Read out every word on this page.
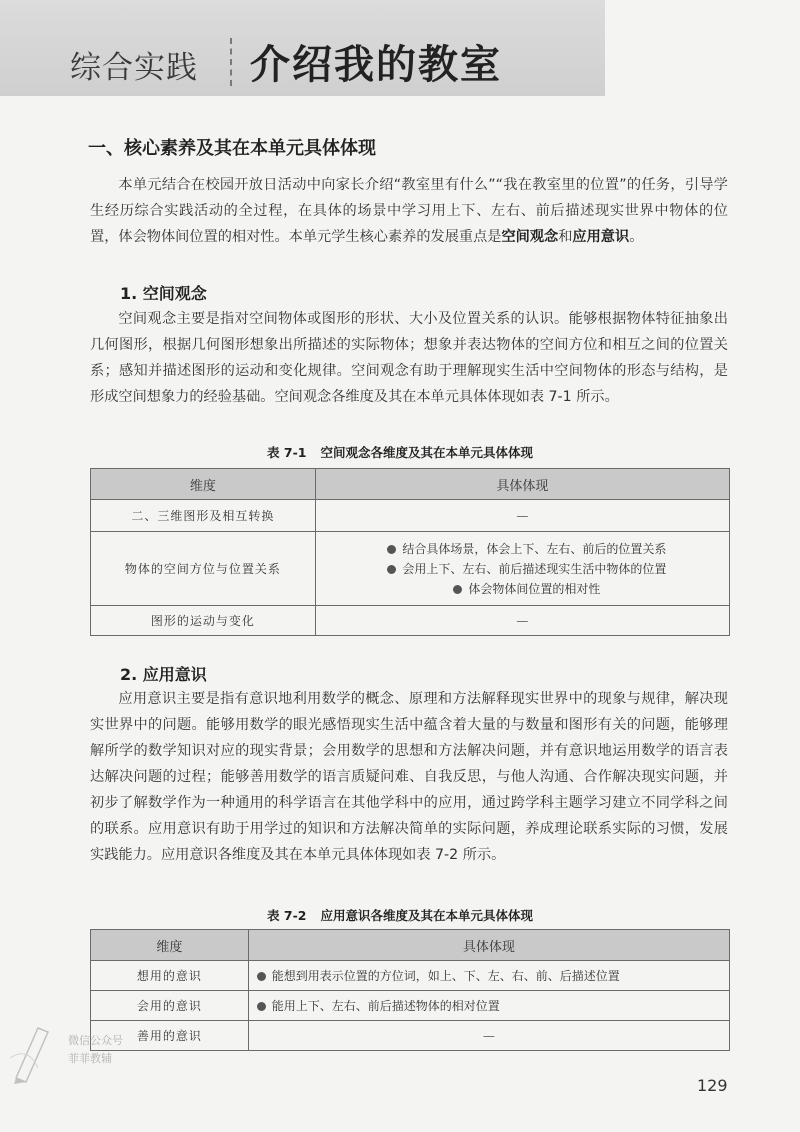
综合实践 介绍我的教室
一、核心素养及其在本单元具体体现
本单元结合在校园开放日活动中向家长介绍“教室里有什么”“我在教室里的位置”的任务，引导学生经历综合实践活动的全过程，在具体的场景中学习用上下、左右、前后描述现实世界中物体的位置，体会物体间位置的相对性。本单元学生核心素养的发展重点是空间观念和应用意识。
1. 空间观念
空间观念主要是指对空间物体或图形的形状、大小及位置关系的认识。能够根据物体特征抽象出几何图形，根据几何图形想象出所描述的实际物体；想象并表达物体的空间方位和相互之间的位置关系；感知并描述图形的运动和变化规律。空间观念有助于理解现实生活中空间物体的形态与结构，是形成空间想象力的经验基础。空间观念各维度及其在本单元具体体现如表 7-1 所示。
表 7-1 空间观念各维度及其在本单元具体体现
维度	具体体现
二、三维图形及相互转换	—
物体的空间方位与位置关系	结合具体场景，体会上下、左右、前后的位置关系
会用上下、左右、前后描述现实生活中物体的位置
体会物体间位置的相对性

图形的运动与变化	—
2. 应用意识
应用意识主要是指有意识地利用数学的概念、原理和方法解释现实世界中的现象与规律，解决现实世界中的问题。能够用数学的眼光感悟现实生活中蕴含着大量的与数量和图形有关的问题，能够理解所学的数学知识对应的现实背景；会用数学的思想和方法解决问题，并有意识地运用数学的语言表达解决问题的过程；能够善用数学的语言质疑问难、自我反思，与他人沟通、合作解决现实问题，并初步了解数学作为一种通用的科学语言在其他学科中的应用，通过跨学科主题学习建立不同学科之间的联系。应用意识有助于用学过的知识和方法解决简单的实际问题，养成理论联系实际的习惯，发展实践能力。应用意识各维度及其在本单元具体体现如表 7-2 所示。
表 7-2 应用意识各维度及其在本单元具体体现
维度	具体体现
想用的意识	能想到用表示位置的方位词，如上、下、左、右、前、后描述位置
会用的意识	能用上下、左右、前后描述物体的相对位置
善用的意识	—
微信公众号
菲菲教辅
129
